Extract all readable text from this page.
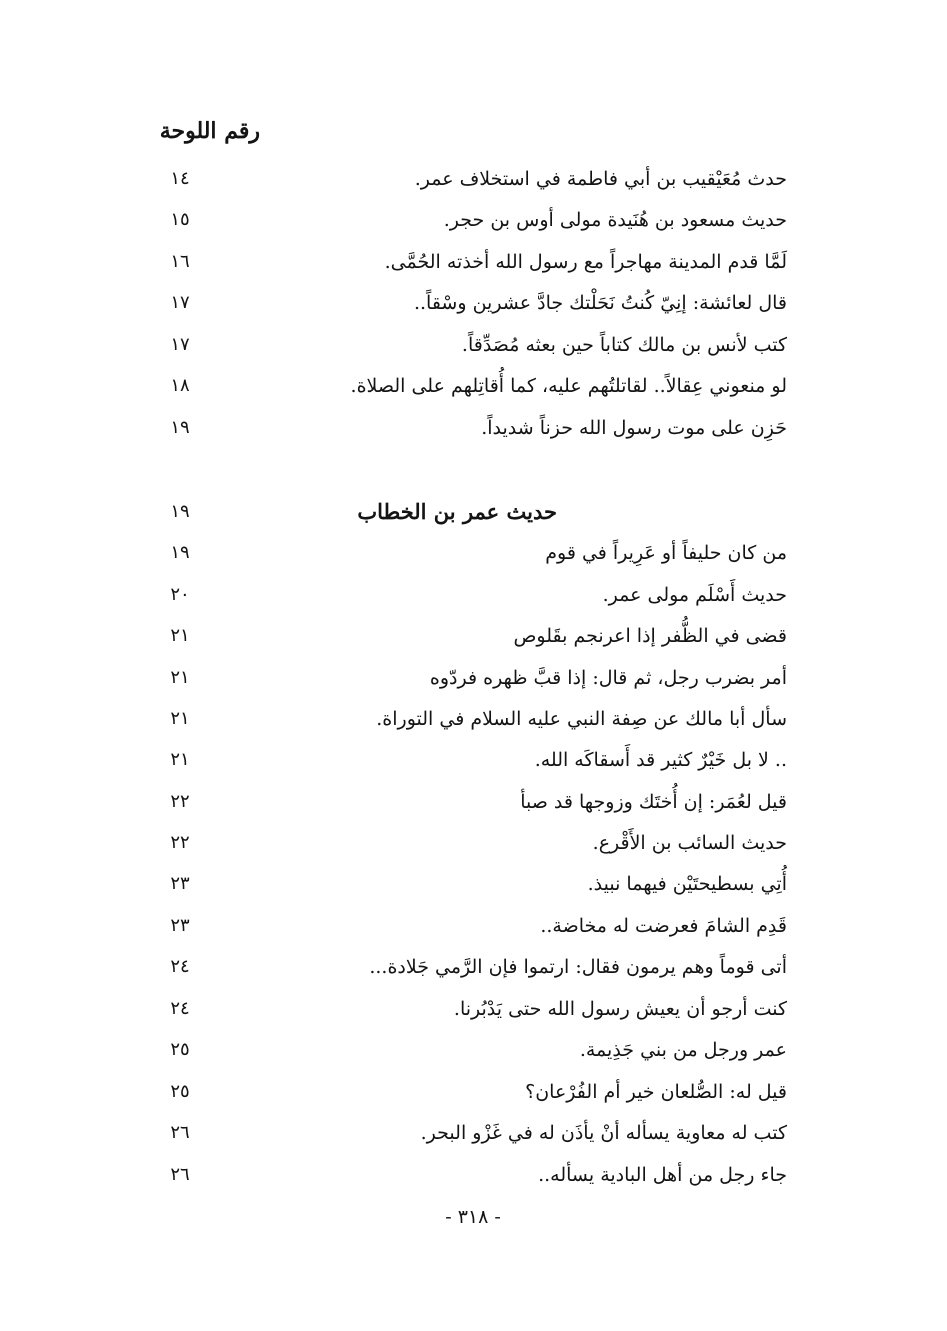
رقم اللوحة
حدث مُعَيْقيب بن أبي فاطمة في استخلاف عمر.
١٤
حديث مسعود بن هُنَيدة مولى أوس بن حجر.
١٥
لَمَّا قدم المدينة مهاجراً مع رسول الله أخذته الحُمَّى.
١٦
قال لعائشة: إنِيّ كُنتُ نَحَلْتك جادَّ عشرين وسْقاً..
١٧
كتب لأنس بن مالك كتاباً حين بعثه مُصَدِّقاً.
١٧
لو منعوني عِقالاً.. لقاتلتُهم عليه، كما أُقاتِلهم على الصلاة.
١٨
حَزِن على موت رسول الله حزناً شديداً.
١٩
حديث عمر بن الخطاب
١٩
من كان حليفاً أو عَرِيراً في قوم
١٩
حديث أَسْلَم مولى عمر.
٢٠
قضى في الظُّفر إذا اعرنجم بقَلوص
٢١
أمر بضرب رجل، ثم قال: إذا قبَّ ظهره فردّوه
٢١
سأل أبا مالك عن صِفة النبي عليه السلام في التوراة.
٢١
.. لا بل خَيْرٌ كثير قد أَسقاكَه الله.
٢١
قيل لعُمَر: إن أُختَك وزوجها قد صبأ
٢٢
حديث السائب بن الأَقْرع.
٢٢
أُتِي بسطيحتَيْن فيهما نبيذ.
٢٣
قَدِم الشامَ فعرضت له مخاضة..
٢٣
أتى قوماً وهم يرمون فقال: ارتموا فإن الرَّمي جَلادة...
٢٤
كنت أرجو أن يعيش رسول الله حتى يَدْبُرنا.
٢٤
عمر ورجل من بني جَذِيمة.
٢٥
قيل له: الصُّلعان خير أم الفُرْعان؟
٢٥
كتب له معاوية يسأله أنْ يأذَن له في غَزْو البحر.
٢٦
جاء رجل من أهل البادية يسأله..
٢٦
- ٣١٨ -
